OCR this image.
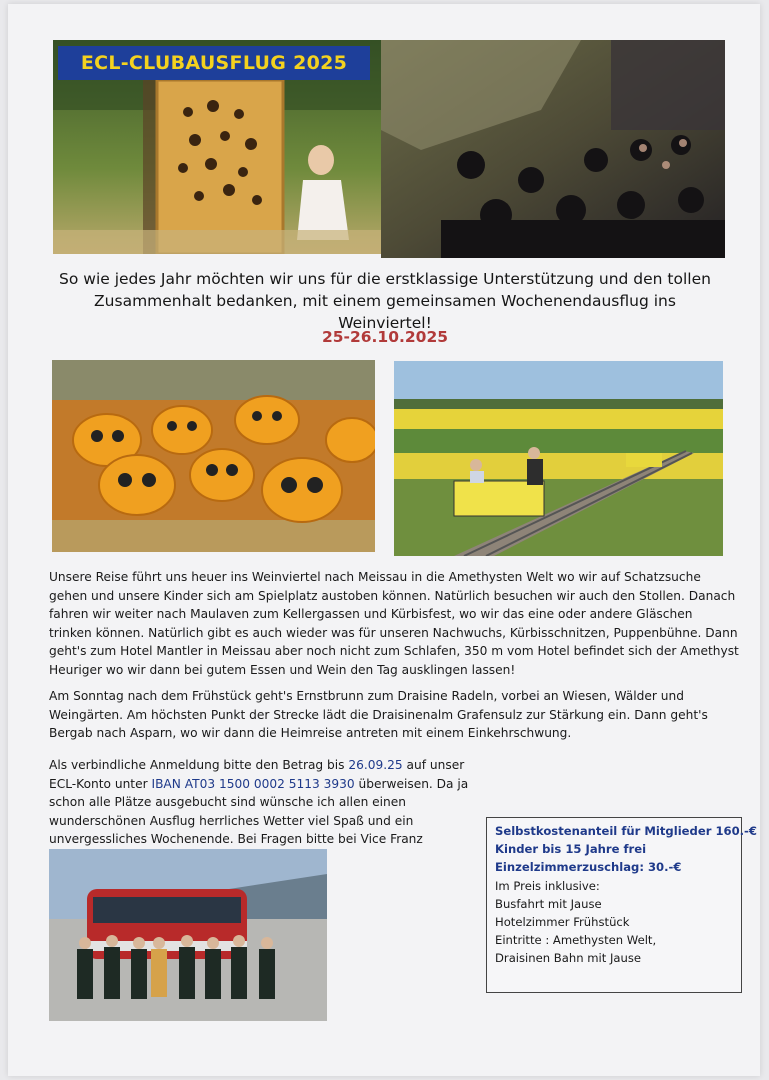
ECL-CLUBAUSFLUG 2025
So wie jedes Jahr möchten wir uns für die erstklassige Unterstützung und den tollen
Zusammenhalt bedanken, mit einem gemeinsamen Wochenendausflug ins Weinviertel!
25-26.10.2025

Unsere Reise führt uns heuer ins Weinviertel nach Meissau in die Amethysten Welt wo wir auf Schatzsuche gehen und unsere Kinder sich am Spielplatz austoben können. Natürlich besuchen wir auch den Stollen. Danach fahren wir weiter nach Maulaven zum Kellergassen und Kürbisfest, wo wir das eine oder andere Gläschen trinken können. Natürlich gibt es auch wieder was für unseren Nachwuchs, Kürbisschnitzen, Puppenbühne. Dann geht's zum Hotel Mantler in Meissau aber noch nicht zum Schlafen, 350 m vom Hotel befindet sich der Amethyst Heuriger wo wir dann bei gutem Essen und Wein den Tag ausklingen lassen!

Am Sonntag nach dem Frühstück geht's Ernstbrunn zum Draisine Radeln, vorbei an Wiesen, Wälder und Weingärten. Am höchsten Punkt der Strecke lädt die Draisinenalm Grafensulz zur Stärkung ein. Dann geht's Bergab nach Asparn, wo wir dann die Heimreise antreten mit einem Einkehrschwung.

Als verbindliche Anmeldung bitte den Betrag bis 26.09.25 auf unser ECL-Konto unter IBAN AT03 1500 0002 5113 3930 überweisen. Da ja schon alle Plätze ausgebucht sind wünsche ich allen einen wunderschönen Ausflug herrliches Wetter viel Spaß und ein unvergessliches Wochenende. Bei Fragen bitte bei Vice Franz

Selbstkostenanteil für Mitglieder 160.-€
Kinder bis 15 Jahre frei
Einzelzimmerzuschlag: 30.-€
Im Preis inklusive:
Busfahrt mit Jause
Hotelzimmer Frühstück
Eintritte : Amethysten Welt,
Draisinen Bahn mit Jause
